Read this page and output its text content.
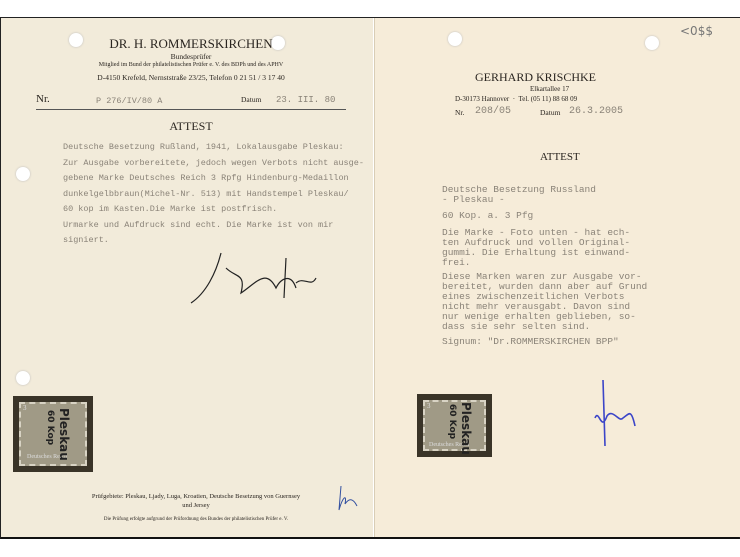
DR. H. ROMMERSKIRCHEN
Bundesprüfer
Mitglied im Bund der philatelistischen Prüfer e. V. des BDPh und des APHV
D-4150 Krefeld, Nernststraße 23/25, Telefon 0 21 51 / 3 17 40
Nr.	P 276/IV/80 A	Datum 23. III. 80
ATTEST
Deutsche Besetzung Rußland, 1941, Lokalausgabe Pleskau:
Zur Ausgabe vorbereitete, jedoch wegen Verbots nicht ausge-
gebene Marke Deutsches Reich 3 Rpfg Hindenburg-Medaillon
dunkelgelbbraun(Michel-Nr. 513) mit Handstempel Pleskau/
60 kop im Kasten.Die Marke ist postfrisch.
Urmarke und Aufdruck sind echt. Die Marke ist von mir
signiert.
3
Deutsches Reich
Pleskau
60 Kop
Prüfgebiete: Pleskau, Ljady, Luga, Kroatien, Deutsche Besetzung von Guernsey
und Jersey
Die Prüfung erfolgte aufgrund der Prüfordnung des Bundes der philatelistischen Prüfer e. V.
<0$$
GERHARD KRISCHKE
Elkartallee 17
D-30173 Hannover  ·  Tel. (05 11) 88 68 09
Nr. 208/05	Datum 26.3.2005
ATTEST
Deutsche Besetzung Russland
- Pleskau -
60 Kop. a. 3 Pfg
Die Marke - Foto unten - hat ech-
ten Aufdruck und vollen Original-
gummi. Die Erhaltung ist einwand-
frei.
Diese Marken waren zur Ausgabe vor-
bereitet, wurden dann aber auf Grund
eines zwischenzeitlichen Verbots
nicht mehr verausgabt. Davon sind
nur wenige erhalten geblieben, so-
dass sie sehr selten sind.
Signum: "Dr.ROMMERSKIRCHEN BPP"
3
Deutsches Reich
Pleskau
60 Kop
